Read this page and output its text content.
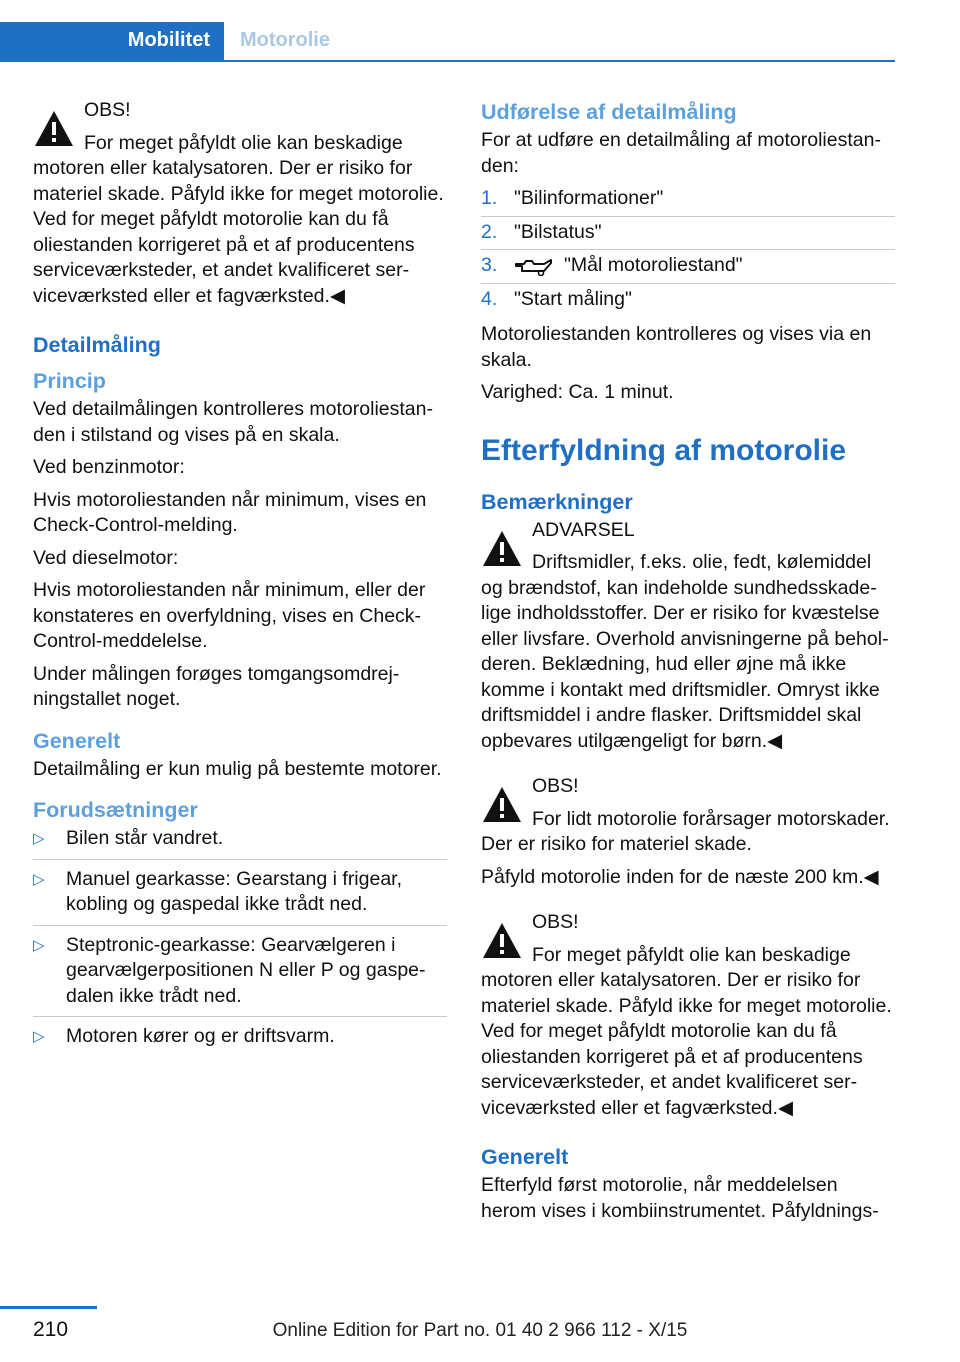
Mobilitet	Motorolie
OBS!
For meget påfyldt olie kan beskadige motoren eller katalysatoren. Der er risiko for materiel skade. Påfyld ikke for meget motorolie. Ved for meget påfyldt motorolie kan du få oliestanden korrigeret på et af producentens serviceværksteder, et andet kvalificeret serviceværksted eller et fagværksted.◀
Detailmåling
Princip

Ved detailmålingen kontrolleres motoroliestanden i stilstand og vises på en skala.

Ved benzinmotor:

Hvis motoroliestanden når minimum, vises en Check-Control-melding.

Ved dieselmotor:

Hvis motoroliestanden når minimum, eller der konstateres en overfyldning, vises en Check-Control-meddelelse.

Under målingen forøges tomgangsomdrejningstallet noget.

Generelt

Detailmåling er kun mulig på bestemte motorer.

Forudsætninger
▷ Bilen står vandret.
▷ Manuel gearkasse: Gearstang i frigear, kobling og gaspedal ikke trådt ned.
▷ Steptronic-gearkasse: Gearvælgeren i gearvælgerpositionen N eller P og gaspedalen ikke trådt ned.
▷ Motoren kører og er driftsvarm.
Udførelse af detailmåling

For at udføre en detailmåling af motoroliestanden:

1. "Bilinformationer"
2. "Bilstatus"
3.	"Mål motoroliestand"
4. "Start måling"

Motoroliestanden kontrolleres og vises via en skala.

Varighed: Ca. 1 minut.

Efterfyldning af motorolie
Bemærkninger
ADVARSEL
Driftsmidler, f.eks. olie, fedt, kølemiddel og brændstof, kan indeholde sundhedsskadelige indholdsstoffer. Der er risiko for kvæstelse eller livsfare. Overhold anvisningerne på beholderen. Beklædning, hud eller øjne må ikke komme i kontakt med driftsmidler. Omryst ikke driftsmiddel i andre flasker. Driftsmiddel skal opbevares utilgængeligt for børn.◀
OBS!
For lidt motorolie forårsager motorskader. Der er risiko for materiel skade.

Påfyld motorolie inden for de næste 200 km.◀

OBS!
For meget påfyldt olie kan beskadige motoren eller katalysatoren. Der er risiko for materiel skade. Påfyld ikke for meget motorolie. Ved for meget påfyldt motorolie kan du få oliestanden korrigeret på et af producentens serviceværksteder, et andet kvalificeret serviceværksted eller et fagværksted.◀
Generelt

Efterfyld først motorolie, når meddelelsen herom vises i kombiinstrumentet. Påfyldnings-

210	Online Edition for Part no. 01 40 2 966 112 - X/15
